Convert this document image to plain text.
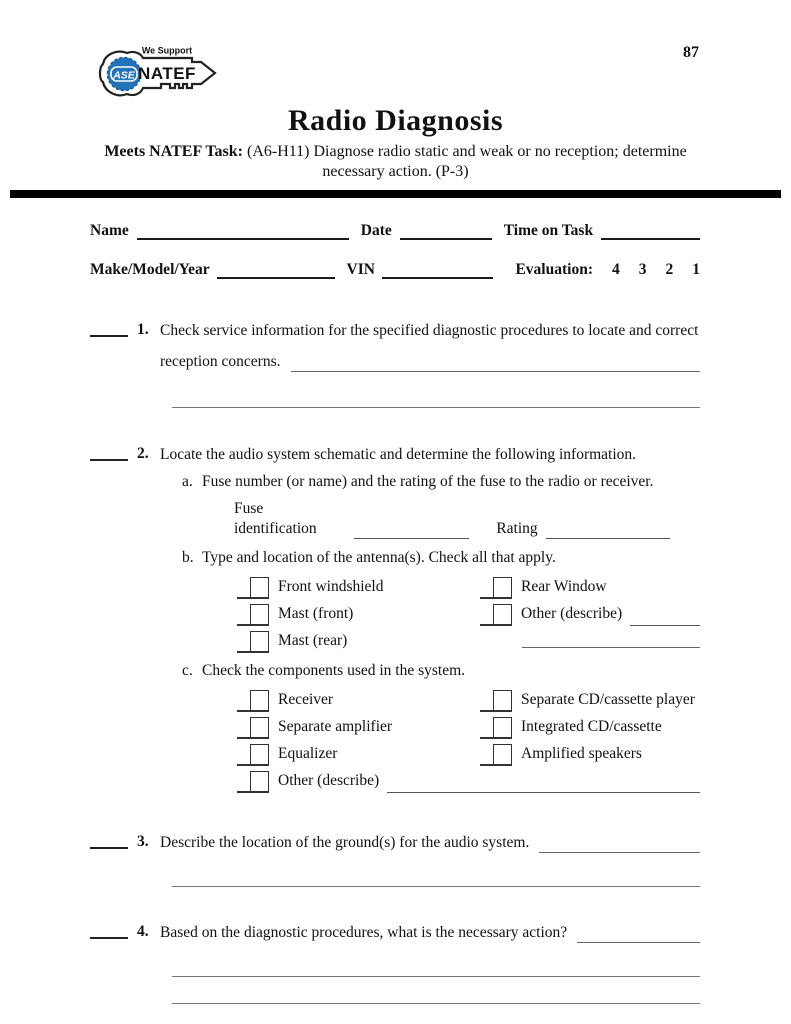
ASE
We Support
NATEF
87
Radio Diagnosis
Meets NATEF Task: (A6-H11) Diagnose radio static and weak or no reception; determine
necessary action. (P-3)
Name	Date	Time on Task
Make/Model/Year	VIN	Evaluation: 4 3 2 1
1. Check service information for the specified diagnostic procedures to locate and correct
reception concerns.
2. Locate the audio system schematic and determine the following information.
a. Fuse number (or name) and the rating of the fuse to the radio or receiver.
Fuse identification	Rating
b. Type and location of the antenna(s). Check all that apply.
Front windshield	Rear Window
Mast (front)	Other (describe)
Mast (rear)
c. Check the components used in the system.
Receiver	Separate CD/cassette player
Separate amplifier	Integrated CD/cassette
Equalizer	Amplified speakers
Other (describe)
3. Describe the location of the ground(s) for the audio system.
4. Based on the diagnostic procedures, what is the necessary action?
